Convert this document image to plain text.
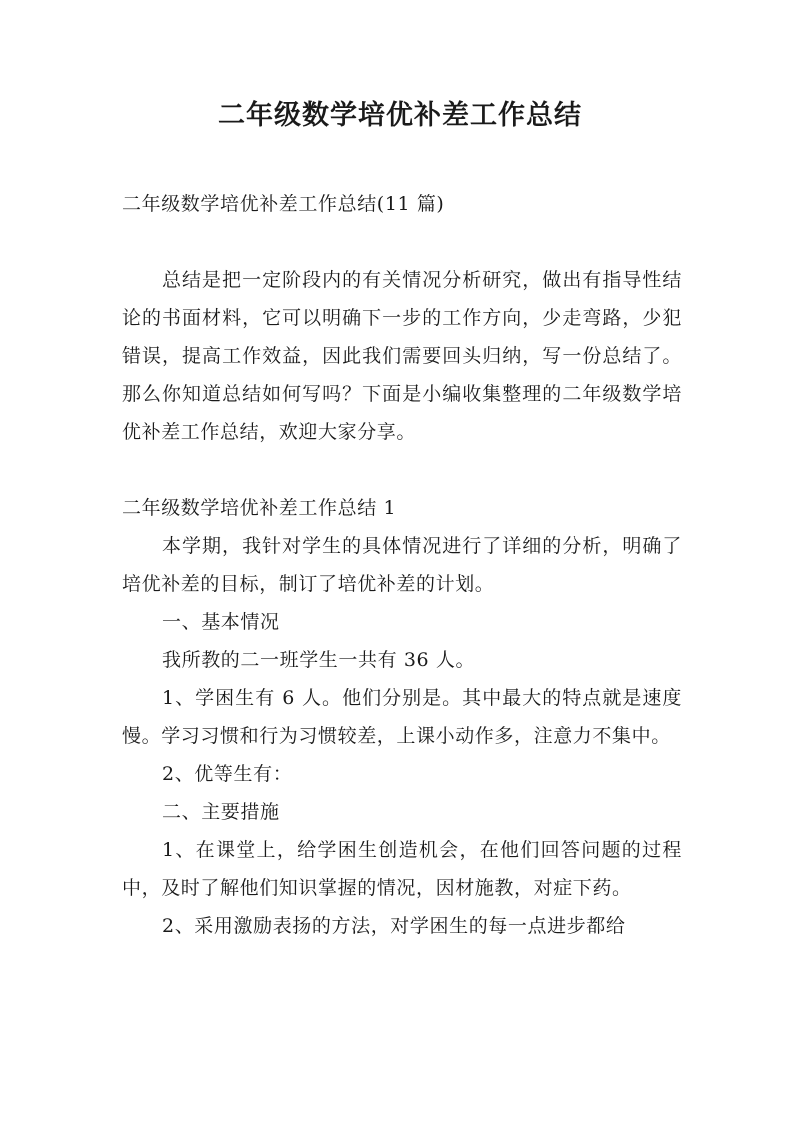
二年级数学培优补差工作总结

二年级数学培优补差工作总结(11 篇)

总结是把一定阶段内的有关情况分析研究，做出有指导性结论的书面材料，它可以明确下一步的工作方向，少走弯路，少犯错误，提高工作效益，因此我们需要回头归纳，写一份总结了。那么你知道总结如何写吗？下面是小编收集整理的二年级数学培优补差工作总结，欢迎大家分享。

二年级数学培优补差工作总结 1

本学期，我针对学生的具体情况进行了详细的分析，明确了培优补差的目标，制订了培优补差的计划。

一、基本情况

我所教的二一班学生一共有 36 人。

1、学困生有 6 人。他们分别是。其中最大的特点就是速度慢。学习习惯和行为习惯较差，上课小动作多，注意力不集中。

2、优等生有：

二、主要措施

1、在课堂上，给学困生创造机会，在他们回答问题的过程中，及时了解他们知识掌握的情况，因材施教，对症下药。

2、采用激励表扬的方法，对学困生的每一点进步都给
